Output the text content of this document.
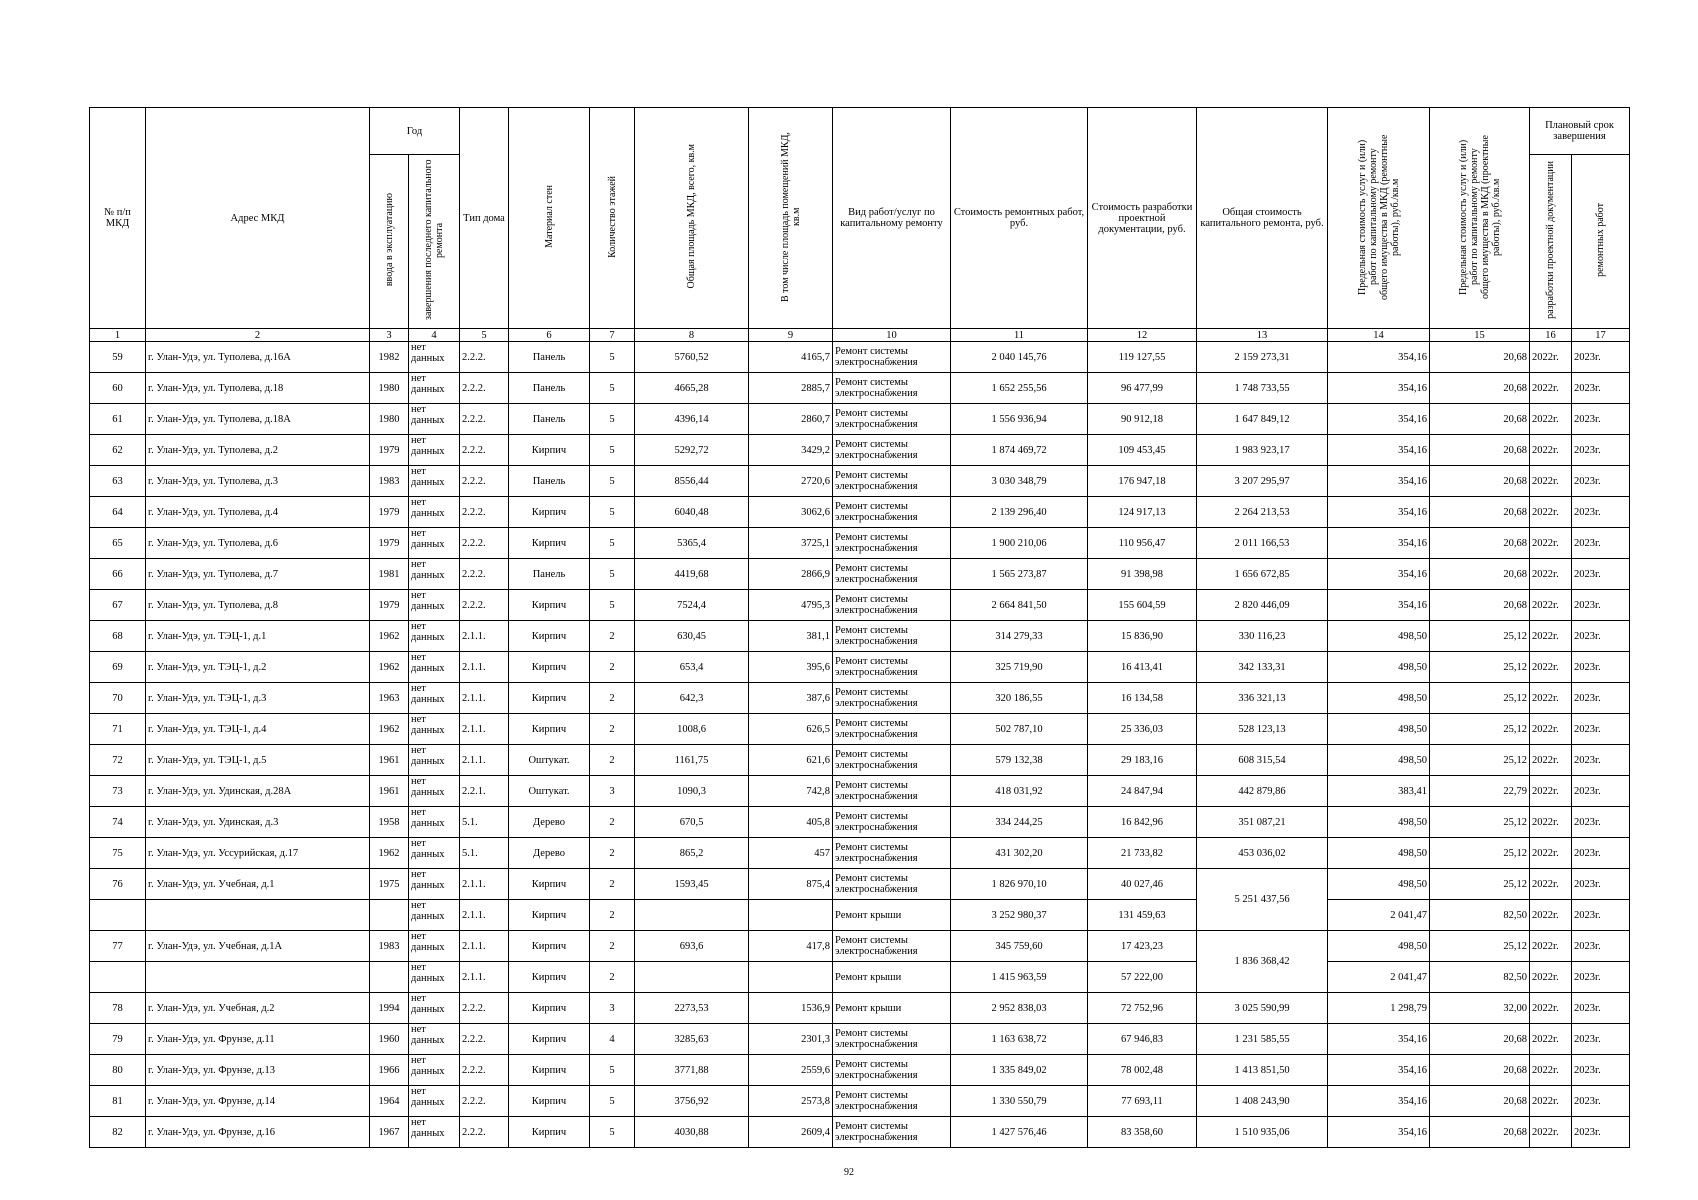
№ п/п МКД	Адрес МКД	Год		Тип дома	Материал стен	Количество этажей	Общая площадь МКД, всего, кв.м	В том числе площадь помещений МКД, кв.м	Вид работ/услуг по капитальному ремонту	Стоимость ремонтных работ, руб.	Стоимость разработки проектной документации, руб.	Общая стоимость капитального ремонта, руб.	Предельная стоимость услуг и (или) работ по капитальному ремонту общего имущества в МКД (ремонтные работы), руб./кв.м	Предельная стоимость услуг и (или) работ по капитальному ремонту общего имущества в МКД (проектные работы), руб./кв.м	Плановый срок завершения	
		ввода в эксплуатацию	завершения последнего капитального ремонта												разработки проектной документации	ремонтных работ
1	2	3	4	5	6	7	8	9	10	11	12	13	14	15	16	17
59	г. Улан-Удэ, ул. Туполева, д.16А	1982	нет данных	2.2.2.	Панель	5	5760,52	4165,7	Ремонт системы электроснабжения	2 040 145,76	119 127,55	2 159 273,31	354,16	20,68	2022г.	2023г.
60	г. Улан-Удэ, ул. Туполева, д.18	1980	нет данных	2.2.2.	Панель	5	4665,28	2885,7	Ремонт системы электроснабжения	1 652 255,56	96 477,99	1 748 733,55	354,16	20,68	2022г.	2023г.
61	г. Улан-Удэ, ул. Туполева, д.18А	1980	нет данных	2.2.2.	Панель	5	4396,14	2860,7	Ремонт системы электроснабжения	1 556 936,94	90 912,18	1 647 849,12	354,16	20,68	2022г.	2023г.
62	г. Улан-Удэ, ул. Туполева, д.2	1979	нет данных	2.2.2.	Кирпич	5	5292,72	3429,2	Ремонт системы электроснабжения	1 874 469,72	109 453,45	1 983 923,17	354,16	20,68	2022г.	2023г.
63	г. Улан-Удэ, ул. Туполева, д.3	1983	нет данных	2.2.2.	Панель	5	8556,44	2720,6	Ремонт системы электроснабжения	3 030 348,79	176 947,18	3 207 295,97	354,16	20,68	2022г.	2023г.
64	г. Улан-Удэ, ул. Туполева, д.4	1979	нет данных	2.2.2.	Кирпич	5	6040,48	3062,6	Ремонт системы электроснабжения	2 139 296,40	124 917,13	2 264 213,53	354,16	20,68	2022г.	2023г.
65	г. Улан-Удэ, ул. Туполева, д.6	1979	нет данных	2.2.2.	Кирпич	5	5365,4	3725,1	Ремонт системы электроснабжения	1 900 210,06	110 956,47	2 011 166,53	354,16	20,68	2022г.	2023г.
66	г. Улан-Удэ, ул. Туполева, д.7	1981	нет данных	2.2.2.	Панель	5	4419,68	2866,9	Ремонт системы электроснабжения	1 565 273,87	91 398,98	1 656 672,85	354,16	20,68	2022г.	2023г.
67	г. Улан-Удэ, ул. Туполева, д.8	1979	нет данных	2.2.2.	Кирпич	5	7524,4	4795,3	Ремонт системы электроснабжения	2 664 841,50	155 604,59	2 820 446,09	354,16	20,68	2022г.	2023г.
68	г. Улан-Удэ, ул. ТЭЦ-1, д.1	1962	нет данных	2.1.1.	Кирпич	2	630,45	381,1	Ремонт системы электроснабжения	314 279,33	15 836,90	330 116,23	498,50	25,12	2022г.	2023г.
69	г. Улан-Удэ, ул. ТЭЦ-1, д.2	1962	нет данных	2.1.1.	Кирпич	2	653,4	395,6	Ремонт системы электроснабжения	325 719,90	16 413,41	342 133,31	498,50	25,12	2022г.	2023г.
70	г. Улан-Удэ, ул. ТЭЦ-1, д.3	1963	нет данных	2.1.1.	Кирпич	2	642,3	387,6	Ремонт системы электроснабжения	320 186,55	16 134,58	336 321,13	498,50	25,12	2022г.	2023г.
71	г. Улан-Удэ, ул. ТЭЦ-1, д.4	1962	нет данных	2.1.1.	Кирпич	2	1008,6	626,5	Ремонт системы электроснабжения	502 787,10	25 336,03	528 123,13	498,50	25,12	2022г.	2023г.
72	г. Улан-Удэ, ул. ТЭЦ-1, д.5	1961	нет данных	2.1.1.	Оштукат.	2	1161,75	621,6	Ремонт системы электроснабжения	579 132,38	29 183,16	608 315,54	498,50	25,12	2022г.	2023г.
73	г. Улан-Удэ, ул. Удинская, д.28А	1961	нет данных	2.2.1.	Оштукат.	3	1090,3	742,8	Ремонт системы электроснабжения	418 031,92	24 847,94	442 879,86	383,41	22,79	2022г.	2023г.
74	г. Улан-Удэ, ул. Удинская, д.3	1958	нет данных	5.1.	Дерево	2	670,5	405,8	Ремонт системы электроснабжения	334 244,25	16 842,96	351 087,21	498,50	25,12	2022г.	2023г.
75	г. Улан-Удэ, ул. Уссурийская, д.17	1962	нет данных	5.1.	Дерево	2	865,2	457	Ремонт системы электроснабжения	431 302,20	21 733,82	453 036,02	498,50	25,12	2022г.	2023г.
76	г. Улан-Удэ, ул. Учебная, д.1	1975	нет данных	2.1.1.	Кирпич	2	1593,45	875,4	Ремонт системы электроснабжения	1 826 970,10	40 027,46	5 251 437,56	498,50	25,12	2022г.	2023г.
			нет данных	2.1.1.	Кирпич	2			Ремонт крыши	3 252 980,37	131 459,63		2 041,47	82,50	2022г.	2023г.
77	г. Улан-Удэ, ул. Учебная, д.1А	1983	нет данных	2.1.1.	Кирпич	2	693,6	417,8	Ремонт системы электроснабжения	345 759,60	17 423,23	1 836 368,42	498,50	25,12	2022г.	2023г.
			нет данных	2.1.1.	Кирпич	2			Ремонт крыши	1 415 963,59	57 222,00		2 041,47	82,50	2022г.	2023г.
78	г. Улан-Удэ, ул. Учебная, д.2	1994	нет данных	2.2.2.	Кирпич	3	2273,53	1536,9	Ремонт крыши	2 952 838,03	72 752,96	3 025 590,99	1 298,79	32,00	2022г.	2023г.
79	г. Улан-Удэ, ул. Фрунзе, д.11	1960	нет данных	2.2.2.	Кирпич	4	3285,63	2301,3	Ремонт системы электроснабжения	1 163 638,72	67 946,83	1 231 585,55	354,16	20,68	2022г.	2023г.
80	г. Улан-Удэ, ул. Фрунзе, д.13	1966	нет данных	2.2.2.	Кирпич	5	3771,88	2559,6	Ремонт системы электроснабжения	1 335 849,02	78 002,48	1 413 851,50	354,16	20,68	2022г.	2023г.
81	г. Улан-Удэ, ул. Фрунзе, д.14	1964	нет данных	2.2.2.	Кирпич	5	3756,92	2573,8	Ремонт системы электроснабжения	1 330 550,79	77 693,11	1 408 243,90	354,16	20,68	2022г.	2023г.
82	г. Улан-Удэ, ул. Фрунзе, д.16	1967	нет данных	2.2.2.	Кирпич	5	4030,88	2609,4	Ремонт системы электроснабжения	1 427 576,46	83 358,60	1 510 935,06	354,16	20,68	2022г.	2023г.
92
